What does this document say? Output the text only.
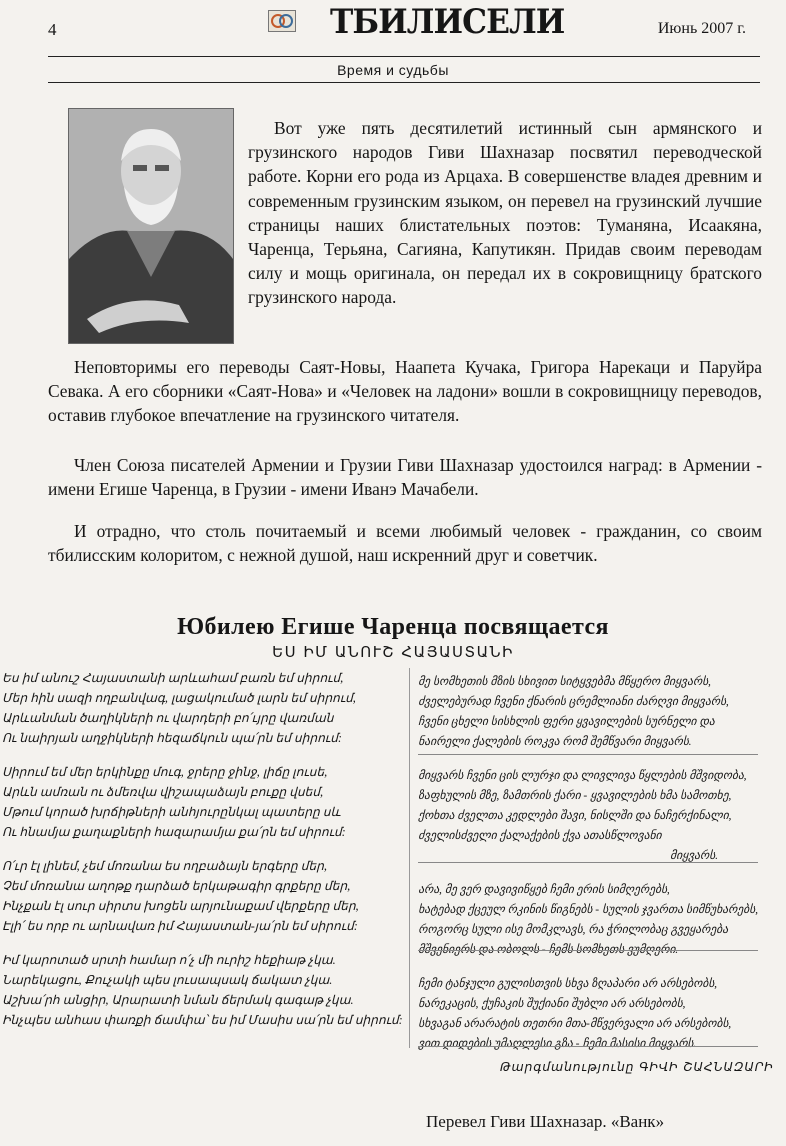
4	ТБИЛИСЕЛИ	Июнь 2007 г.
Время и судьбы

Вот уже пять десятилетий истинный сын армянского и грузинского народов Гиви Шахназар посвятил переводческой работе. Корни его рода из Арцаха. В совершенстве владея древним и современным грузинским языком, он перевел на грузинский лучшие страницы наших блистательных поэтов: Туманяна, Исаакяна, Чаренца, Терьяна, Сагияна, Капутикян. Придав своим переводам силу и мощь оригинала, он передал их в сокровищницу братского грузинского народа.

Неповторимы его переводы Саят-Новы, Наапета Кучака, Григора Нарекаци и Паруйра Севака. А его сборники «Саят-Нова» и «Человек на ладони» вошли в сокровищницу переводов, оставив глубокое впечатление на грузинского читателя.

Член Союза писателей Армении и Грузии Гиви Шахназар удостоился наград: в Армении - имени Егише Чаренца, в Грузии - имени Иванэ Мачабели.

И отрадно, что столь почитаемый и всеми любимый человек - гражданин, со своим тбилисским колоритом, с нежной душой, наш искренний друг и советчик.

Юбилею Егише Чаренца посвящается
ԵՍ ԻՄ ԱՆՈՒՇ ՀԱՅԱՍՏԱՆԻ
Ես իմ անուշ Հայաստանի արևահամ բառն եմ սիրում,
Մեր հին սազի ողբանվագ, լացակումած լարն եմ սիրում,
Արևանման ծաղիկների ու վարդերի բո՛ւյրը վառման
Ու նաիրյան աղջիկների հեզաճկուն պա՛րն եմ սիրում:
Սիրում եմ մեր երկինքը մուգ, ջրերը ջինջ, լիճը լուսե,
Արևն ամռան ու ձմեռվա վիշապաձայն բուքը վսեմ,
Մթում կորած խրճիթների անհյուրընկալ պատերը սև
Ու հնամյա քաղաքների հազարամյա քա՛րն եմ սիրում:
Ո՛ւր էլ լինեմ, չեմ մոռանա ես ողբաձայն երգերը մեր,
Չեմ մոռանա աղոթք դարձած երկաթագիր գրքերը մեր,
Ինչքան էլ սուր սիրտս խոցեն արյունաքամ վերքերը մեր,
Էլի՛ ես որբ ու արնավառ իմ Հայաստան-յա՛րն եմ սիրում:
Իմ կարոտած սրտի համար ո՛չ մի ուրիշ հեքիաթ չկա.
Նարեկացու, Քուչակի պես լուսապսակ ճակատ չկա.
Աշխա՛րհ անցիր, Արարատի նման ճերմակ գագաթ չկա.
Ինչպես անհաս փառքի ճամփա՝ ես իմ Մասիս սա՛րն եմ սիրում:
მე სომხეთის მზის სხივით სიტყვებმა მწყერო მიყვარს,
ძველებურად ჩვენი ქნარის ცრემლიანი ძარღვი მიყვარს,
ჩვენი ცხელი სისხლის ფერი ყვავილების სურნელი და
ნაირელი ქალების როკვა რომ შემწვარი მიყვარს.
მიყვარს ჩვენი ცის ლურჯი და ლივლივა წყლების მშვიდობა,
ზაფხულის მზე, ზამთრის ქარი - ყვავილების ხმა სამოთხე,
ქოხთა ძველთა კედლები შავი, ნისლში და ნაჩერქინალი,
ძველისძველი ქალაქების ქვა ათასწლოვანი
მიყვარს.
არა, მე ვერ დავივიწყებ ჩემი ერის სიმღერებს,
ხატებად ქცეულ რკინის წიგნებს - სულის ჯვართა სიმწუხარებს,
როგორც სული ისე მომკლავს, რა ჭრილობაც გვეყარება
მშვენიერს და ობოლს - ჩემს სომხეთს ვუმღერი.
ჩემი ტანჯული გულისთვის სხვა ზღაპარი არ არსებობს,
ნარეკაცის, ქუჩაკის შუქიანი შუბლი არ არსებობს,
სხვაგან არარატის თეთრი მთა-მწვერვალი არ არსებობს,
ვით დიდების უმაღლესი გზა - ჩემი მასისი მიყვარს.
Թարգմանությունը ԳԻՎԻ ՇԱՀՆԱԶԱՐԻ
Перевел Гиви Шахназар. «Ванк»
